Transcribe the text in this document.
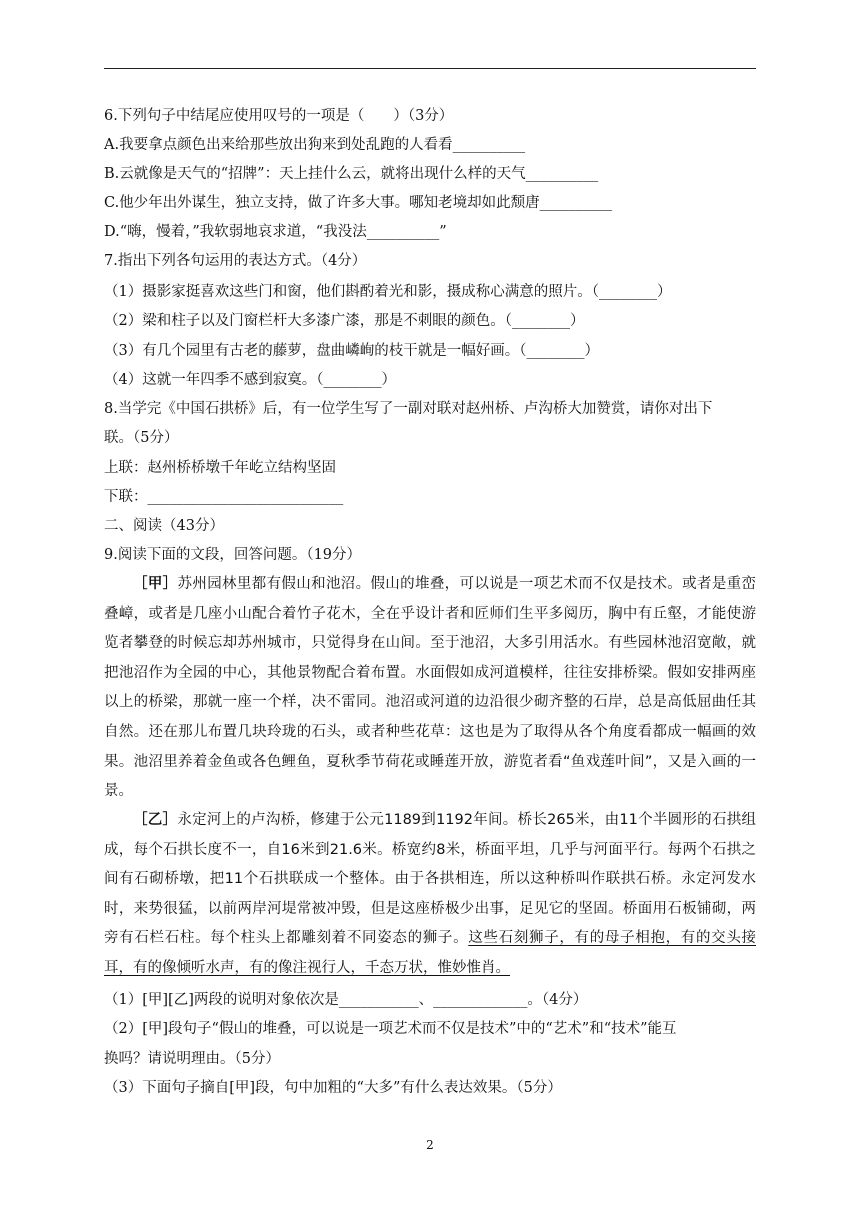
6.下列句子中结尾应使用叹号的一项是（　　）（3分）
A.我要拿点颜色出来给那些放出狗来到处乱跑的人看看__________
B.云就像是天气的“招牌”：天上挂什么云，就将出现什么样的天气__________
C.他少年出外谋生，独立支持，做了许多大事。哪知老境却如此颓唐__________
D.“嗨，慢着，”我软弱地哀求道，“我没法__________”
7.指出下列各句运用的表达方式。（4分）
（1）摄影家挺喜欢这些门和窗，他们斟酌着光和影，摄成称心满意的照片。（________）
（2）梁和柱子以及门窗栏杆大多漆广漆，那是不刺眼的颜色。（________）
（3）有几个园里有古老的藤萝，盘曲嶙峋的枝干就是一幅好画。（________）
（4）这就一年四季不感到寂寞。（________）
8.当学完《中国石拱桥》后，有一位学生写了一副对联对赵州桥、卢沟桥大加赞赏，请你对出下
联。（5分）
上联：赵州桥桥墩千年屹立结构坚固
下联：___________________________
二、阅读（43分）
9.阅读下面的文段，回答问题。（19分）
［甲］苏州园林里都有假山和池沼。假山的堆叠，可以说是一项艺术而不仅是技术。或者是重峦叠嶂，或者是几座小山配合着竹子花木，全在乎设计者和匠师们生平多阅历，胸中有丘壑，才能使游览者攀登的时候忘却苏州城市，只觉得身在山间。至于池沼，大多引用活水。有些园林池沼宽敞，就把池沼作为全园的中心，其他景物配合着布置。水面假如成河道模样，往往安排桥梁。假如安排两座以上的桥梁，那就一座一个样，决不雷同。池沼或河道的边沿很少砌齐整的石岸，总是高低屈曲任其自然。还在那儿布置几块玲珑的石头，或者种些花草：这也是为了取得从各个角度看都成一幅画的效果。池沼里养着金鱼或各色鲤鱼，夏秋季节荷花或睡莲开放，游览者看“鱼戏莲叶间”，又是入画的一景。
［乙］永定河上的卢沟桥，修建于公元1189到1192年间。桥长265米，由11个半圆形的石拱组成，每个石拱长度不一，自16米到21.6米。桥宽约8米，桥面平坦，几乎与河面平行。每两个石拱之间有石砌桥墩，把11个石拱联成一个整体。由于各拱相连，所以这种桥叫作联拱石桥。永定河发水时，来势很猛，以前两岸河堤常被冲毁，但是这座桥极少出事，足见它的坚固。桥面用石板铺砌，两旁有石栏石柱。每个柱头上都雕刻着不同姿态的狮子。这些石刻狮子，有的母子相抱，有的交头接耳，有的像倾听水声，有的像注视行人，千态万状，惟妙惟肖。
（1）[甲][乙]两段的说明对象依次是___________、_____________。（4分）
（2）[甲]段句子“假山的堆叠，可以说是一项艺术而不仅是技术”中的“艺术”和“技术”能互
换吗？请说明理由。（5分）
（3）下面句子摘自[甲]段，句中加粗的“大多”有什么表达效果。（5分）
2
